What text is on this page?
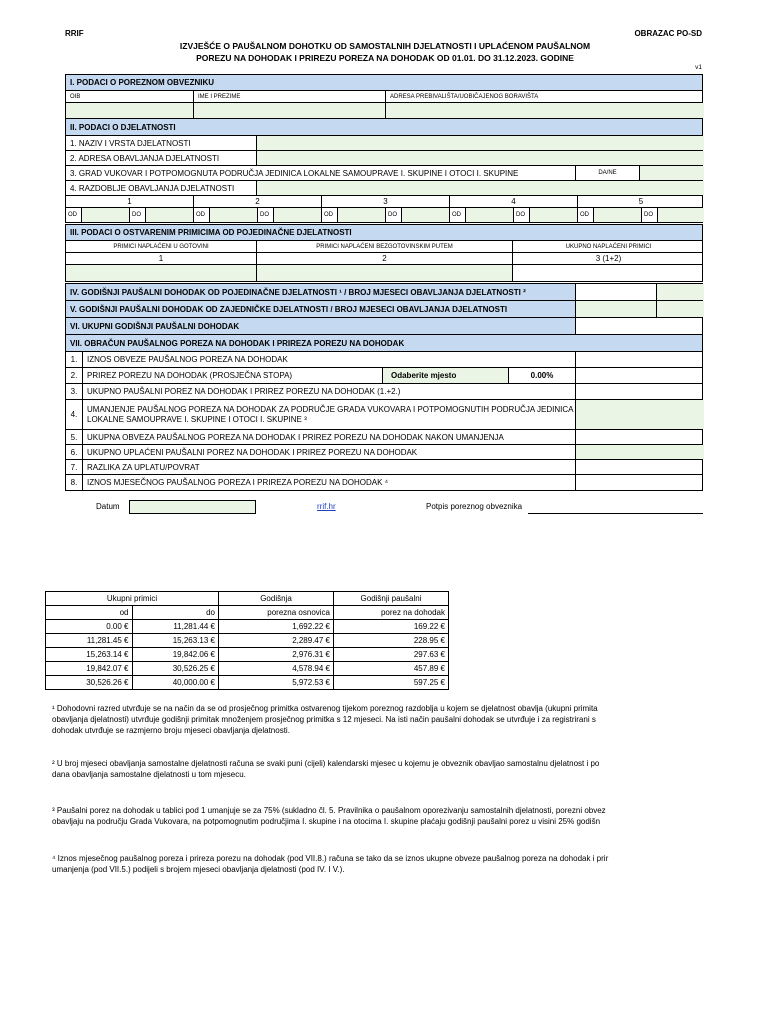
RRIF	OBRAZAC PO-SD
IZVJEŠĆE O PAUŠALNOM DOHOTKU OD SAMOSTALNIH DJELATNOSTI I UPLAĆENOM PAUŠALNOM
POREZU NA DOHODAK I PRIREZU POREZA NA DOHODAK OD 01.01. DO 31.12.2023. GODINE
v1
I. PODACI O POREZNOM OBVEZNIKU
OIB	IME I PREZIME	ADRESA PREBIVALIŠTA/UOBIČAJENOG BORAVIŠTA
II. PODACI O DJELATNOSTI
1. NAZIV I VRSTA DJELATNOSTI
2. ADRESA OBAVLJANJA DJELATNOSTI
3. GRAD VUKOVAR I POTPOMOGNUTA PODRUČJA JEDINICA LOKALNE SAMOUPRAVE I. SKUPINE I OTOCI I. SKUPINE	DA/NE
4. RAZDOBLJE OBAVLJANJA DJELATNOSTI
1	2	3	4	5
OD	DO	OD	DO	OD	DO	OD	DO	OD	DO
III. PODACI O OSTVARENIM PRIMICIMA OD POJEDINAČNE DJELATNOSTI
PRIMICI NAPLAĆENI U GOTOVINI	PRIMICI NAPLAĆENI BEZGOTOVINSKIM PUTEM	UKUPNO NAPLAĆENI PRIMICI
1	2	3 (1+2)
IV. GODIŠNJI PAUŠALNI DOHODAK OD POJEDINAČNE DJELATNOSTI ¹ / BROJ MJESECI OBAVLJANJA DJELATNOSTI ²
V. GODIŠNJI PAUŠALNI DOHODAK OD ZAJEDNIČKE DJELATNOSTI / BROJ MJESECI OBAVLJANJA DJELATNOSTI
VI. UKUPNI GODIŠNJI PAUŠALNI DOHODAK
VII. OBRAČUN PAUŠALNOG POREZA NA DOHODAK I PRIREZA POREZU NA DOHODAK
1.	IZNOS OBVEZE PAUŠALNOG POREZA NA DOHODAK
2.	PRIREZ POREZU NA DOHODAK (PROSJEČNA STOPA)	Odaberite mjesto	0.00%
3.	UKUPNO PAUŠALNI POREZ NA DOHODAK I PRIREZ POREZU NA DOHODAK (1.+2.)
4.
UMANJENJE PAUŠALNOG POREZA NA DOHODAK ZA PODRUČJE GRADA VUKOVARA I POTPOMOGNUTIH PODRUČJA JEDINICA
LOKALNE SAMOUPRAVE I. SKUPINE I OTOCI I. SKUPINE ³
5.	UKUPNA OBVEZA PAUŠALNOG POREZA NA DOHODAK I PRIREZ POREZU NA DOHODAK NAKON UMANJENJA
6.	UKUPNO UPLAĆENI PAUŠALNI POREZ NA DOHODAK I PRIREZ POREZU NA DOHODAK
7.	RAZLIKA ZA UPLATU/POVRAT
8.	IZNOS MJESEČNOG PAUŠALNOG POREZA I PRIREZA POREZU NA DOHODAK ⁴
Datum	rrif.hr	Potpis poreznog obveznika
Ukupni primici		Godišnja	Godišnji paušalni
od	do	porezna osnovica	porez na dohodak
0.00 €	11,281.44 €	1,692.22 €	169.22 €
11,281.45 €	15,263.13 €	2,289.47 €	228.95 €
15,263.14 €	19,842.06 €	2,976.31 €	297.63 €
19,842.07 €	30,526.25 €	4,578.94 €	457.89 €
30,526.26 €	40,000.00 €	5,972.53 €	597.25 €
¹ Dohodovni razred utvrđuje se na način da se od prosječnog primitka ostvarenog tijekom poreznog razdoblja u kojem se djelatnost obavlja (ukupni primita
obavljanja djelatnosti) utvrđuje godišnji primitak množenjem prosječnog primitka s 12 mjeseci. Na isti način paušalni dohodak se utvrđuje i za registrirani s
dohodak utvrđuje se razmjerno broju mjeseci obavljanja djelatnosti.
² U broj mjeseci obavljanja samostalne djelatnosti računa se svaki puni (cijeli) kalendarski mjesec u kojemu je obveznik obavljao samostalnu djelatnost i po
dana obavljanja samostalne djelatnosti u tom mjesecu.
³ Paušalni porez na dohodak u tablici pod 1 umanjuje se za 75% (sukladno čl. 5. Pravilnika o paušalnom oporezivanju samostalnih djelatnosti, porezni obvez
obavljaju na području Grada Vukovara, na potpomognutim područjima I. skupine i na otocima I. skupine plaćaju godišnji paušalni porez u visini 25% godišn
⁴ Iznos mjesečnog paušalnog poreza i prireza porezu na dohodak (pod VII.8.) računa se tako da se iznos ukupne obveze paušalnog poreza na dohodak i prir
umanjenja (pod VII.5.) podijeli s brojem mjeseci obavljanja djelatnosti (pod IV. I V.).
